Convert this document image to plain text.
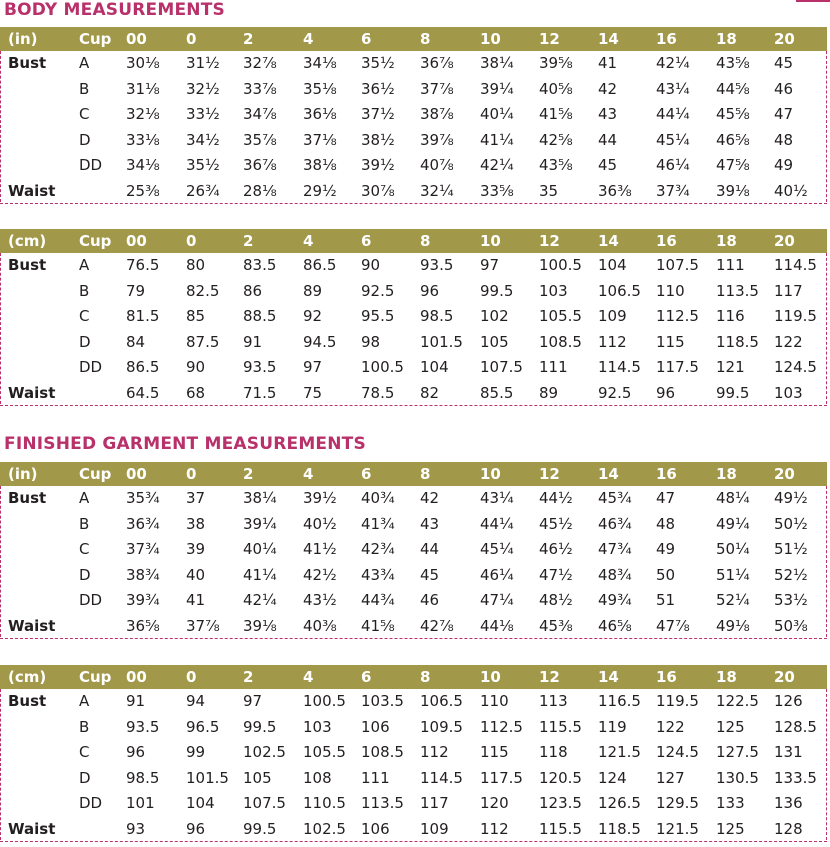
BODY MEASUREMENTS
FINISHED GARMENT MEASUREMENTS
(in)	Cup 00	0	2	4	6	8	10	12	14 16	18 20
Bust A 30⅛ 31½ 32⅞ 34⅛ 35½ 36⅞ 38¼ 39⅝ 41	42¼ 43⅝ 45
B 31⅛ 32½ 33⅞ 35⅛ 36½ 37⅞ 39¼ 40⅝ 42	43¼ 44⅝ 46
C 32⅛ 33½ 34⅞ 36⅛ 37½ 38⅞ 40¼ 41⅝ 43	44¼ 45⅝ 47
D 33⅛ 34½ 35⅞ 37⅛ 38½ 39⅞ 41¼ 42⅝ 44	45¼ 46⅝ 48
DD 34⅛ 35½ 36⅞ 38⅛ 39½ 40⅞ 42¼ 43⅝ 45	46¼ 47⅝ 49
Waist	25⅜ 26¾ 28⅛ 29½ 30⅞ 32¼ 33⅝ 35	36⅜ 37¾ 39⅛ 40½
(cm) Cup 00	0	2	4	6	8	10	12	14 16	18 20
Bust A 76.5 80	83.5 86.5 90	93.5 97	100.5 104 107.5 111 114.5
B 79	82.5 86	89	92.5 96	99.5 103 106.5 110 113.5 117
C 81.5 85	88.5 92	95.5 98.5 102 105.5 109 112.5 116 119.5
D 84	87.5 91	94.5 98	101.5 105 108.5 112 115 118.5 122
DD 86.5 90	93.5 97	100.5 104 107.5 111 114.5 117.5 121 124.5
Waist	64.5 68	71.5 75	78.5 82	85.5 89	92.5 96	99.5 103
(in)	Cup 00	0	2	4	6	8	10	12	14 16	18 20
Bust A 35¾ 37	38¼ 39½ 40¾ 42	43¼ 44½ 45¾ 47	48¼ 49½
B 36¾ 38	39¼ 40½ 41¾ 43	44¼ 45½ 46¾ 48	49¼ 50½
C 37¾ 39	40¼ 41½ 42¾ 44	45¼ 46½ 47¾ 49	50¼ 51½
D 38¾ 40	41¼ 42½ 43¾ 45	46¼ 47½ 48¾ 50	51¼ 52½
DD 39¾ 41	42¼ 43½ 44¾ 46	47¼ 48½ 49¾ 51	52¼ 53½
Waist	36⅝ 37⅞ 39⅛ 40⅜ 41⅝ 42⅞ 44⅛ 45⅜ 46⅝ 47⅞ 49⅛ 50⅜
(cm) Cup 00	0	2	4	6	8	10	12	14 16	18 20
Bust A 91	94	97	100.5 103.5 106.5 110 113 116.5 119.5 122.5 126
B 93.5 96.5 99.5 103 106 109.5 112.5 115.5 119 122 125 128.5
C 96	99	102.5 105.5 108.5 112 115 118 121.5 124.5 127.5 131
D 98.5 101.5 105 108 111 114.5 117.5 120.5 124 127 130.5 133.5
DD 101 104 107.5 110.5 113.5 117 120 123.5 126.5 129.5 133 136
Waist	93	96	99.5 102.5 106 109 112 115.5 118.5 121.5 125 128
